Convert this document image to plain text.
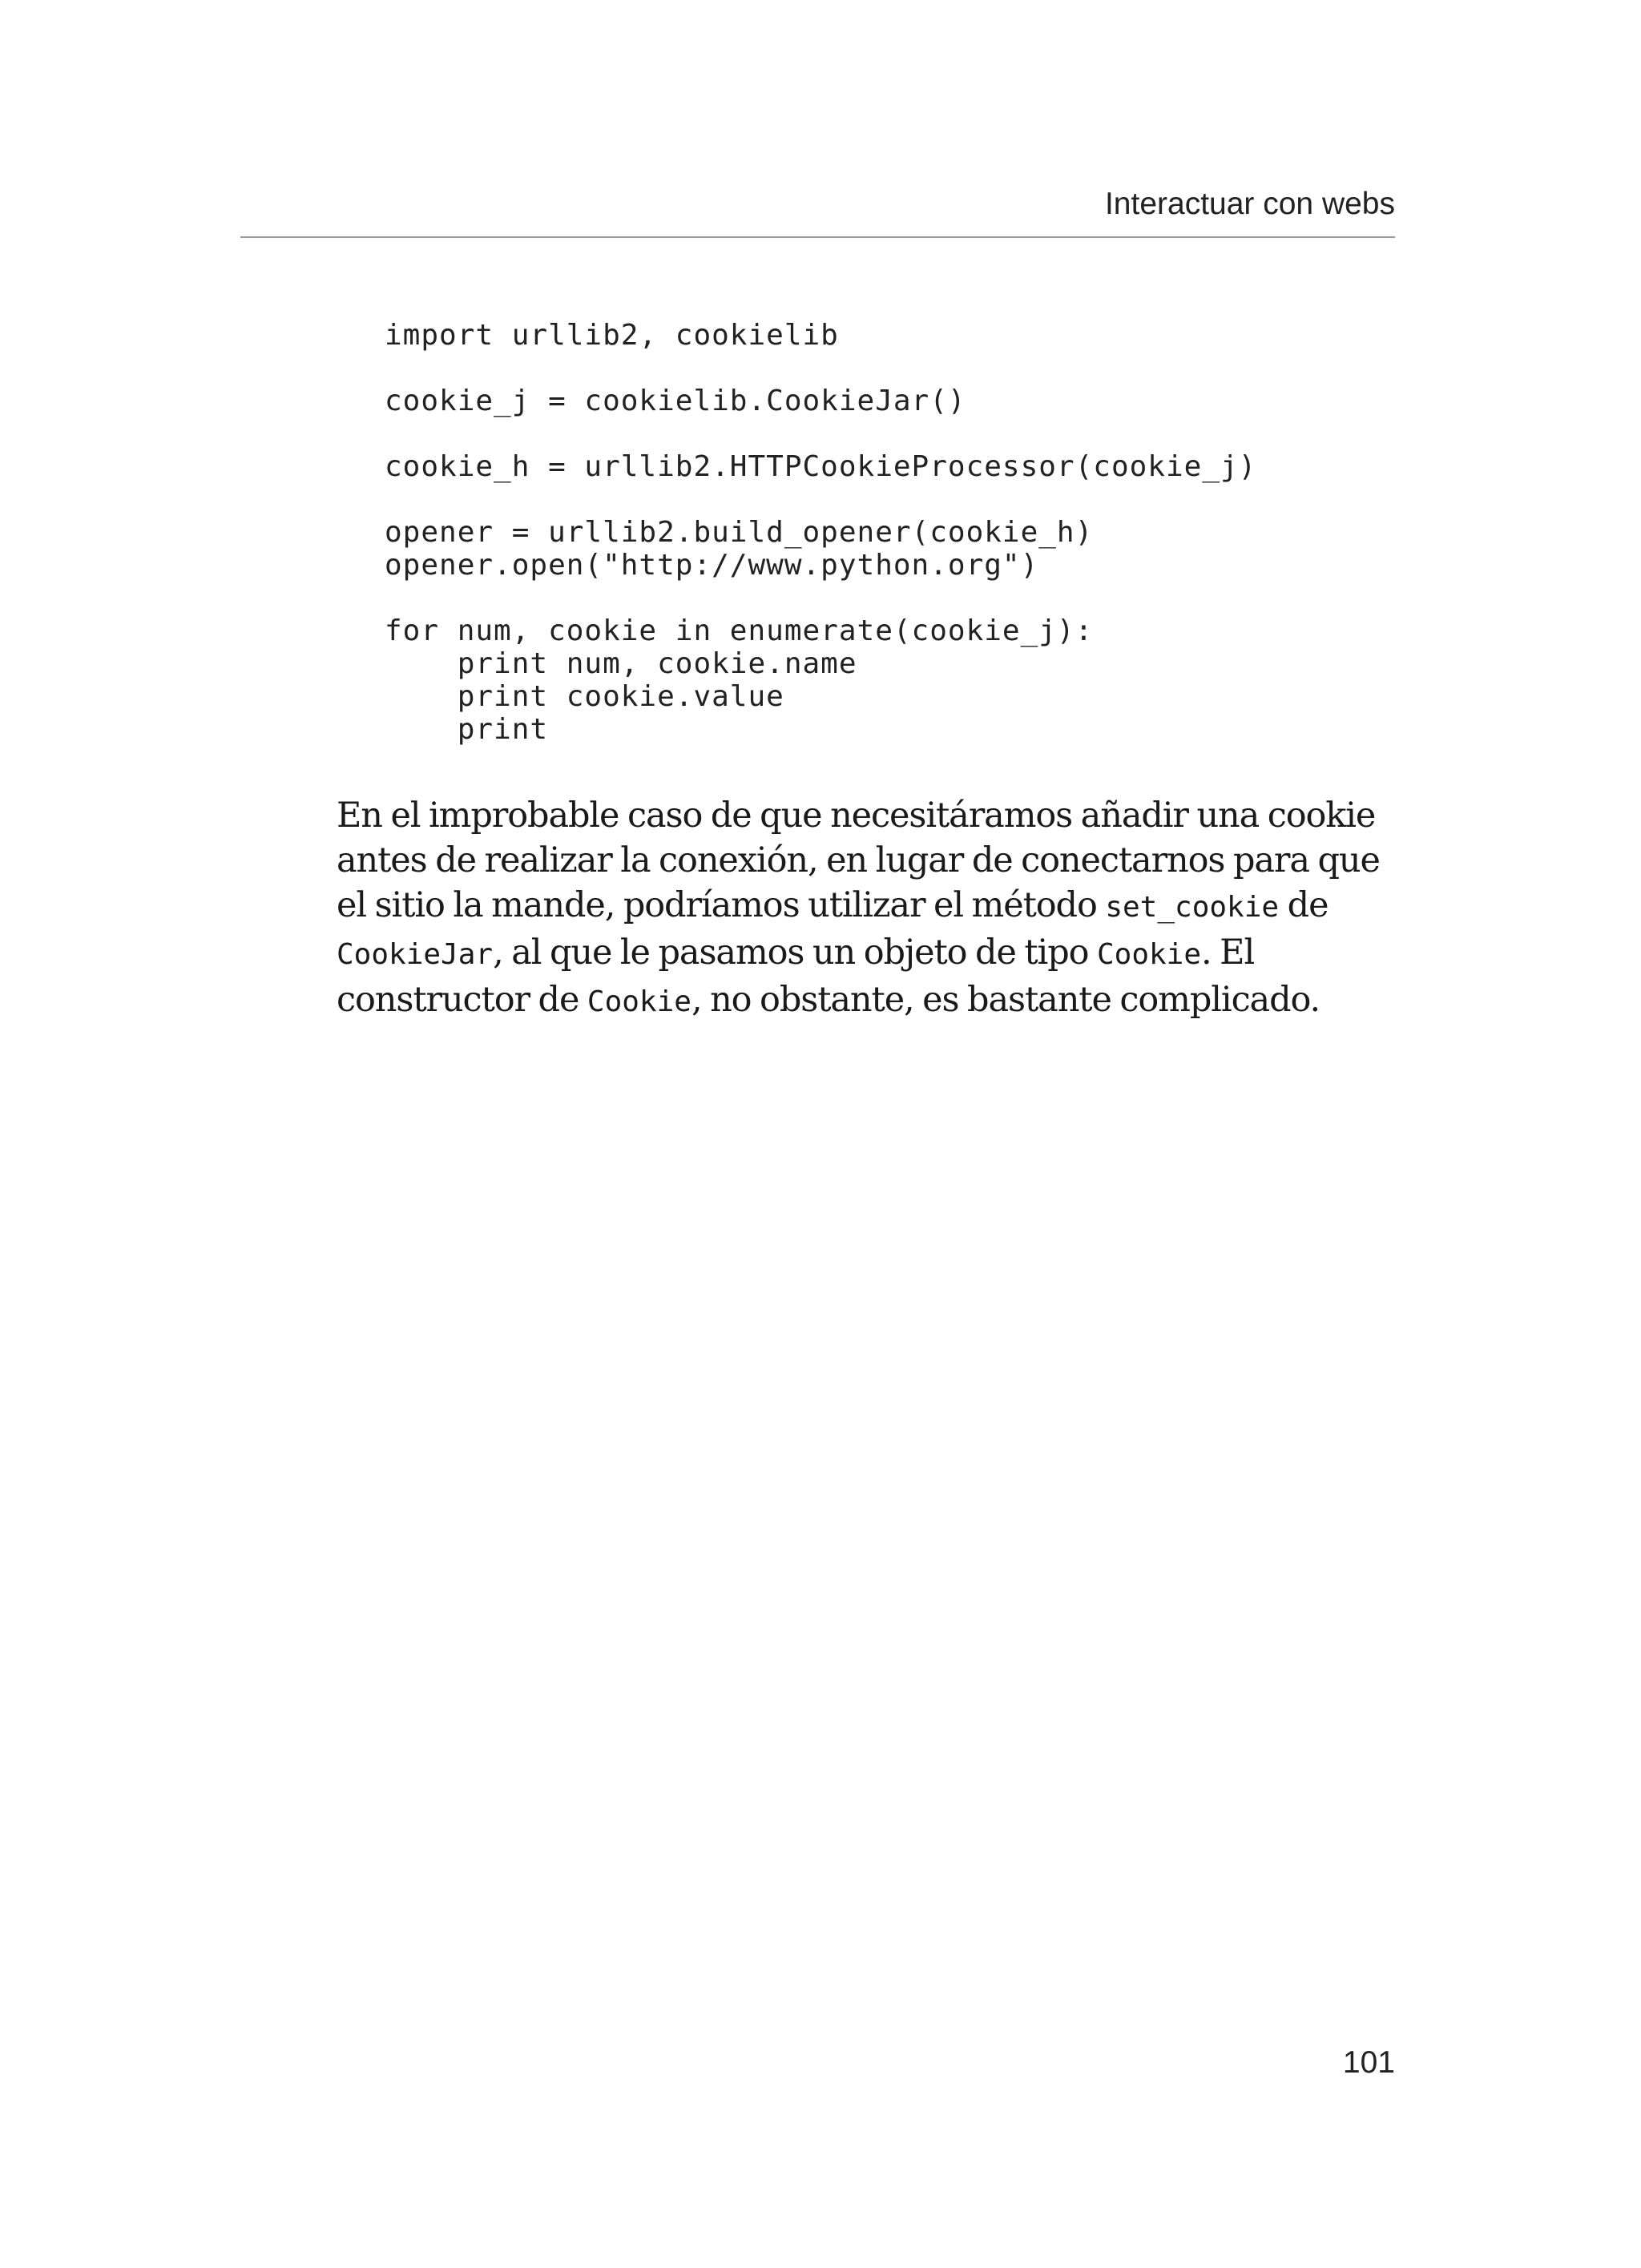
Interactuar con webs
import urllib2, cookielib
cookie_j = cookielib.CookieJar()
cookie_h = urllib2.HTTPCookieProcessor(cookie_j)
opener = urllib2.build_opener(cookie_h)
opener.open("http://www.python.org")
for num, cookie in enumerate(cookie_j):
print num, cookie.name
print cookie.value
print

En el improbable caso de que necesitáramos añadir una cookie antes de realizar la conexión, en lugar de conectarnos para que el sitio la mande, podríamos utilizar el método set_cookie de CookieJar, al que le pasamos un objeto de tipo Cookie. El constructor de Cookie, no obstante, es bastante complicado.

101
